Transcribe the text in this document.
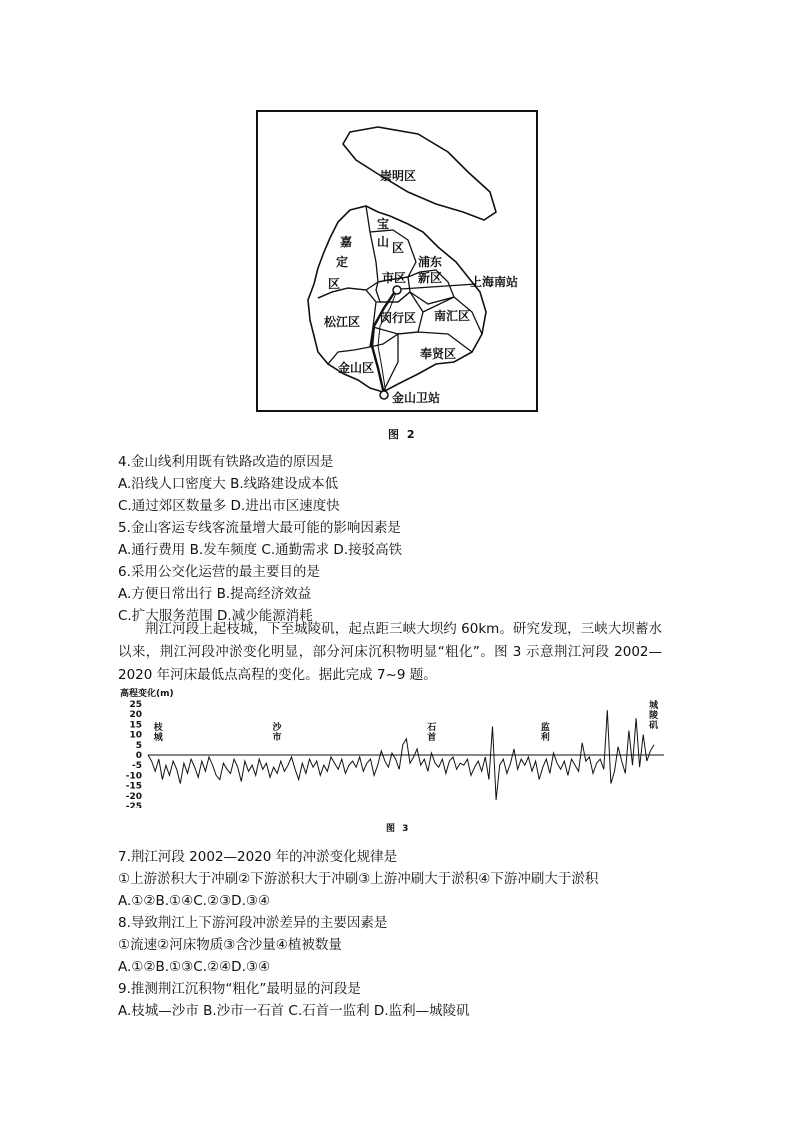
崇明区
宝
山 区
嘉
定
区	市区
浦东
新区 上海南站
松江区 闵行区 南汇区
奉贤区
金山区
金山卫站
图 2
4.金山线利用既有铁路改造的原因是
A.沿线人口密度大 B.线路建设成本低
C.通过郊区数量多 D.进出市区速度快
5.金山客运专线客流量增大最可能的影响因素是
A.通行费用 B.发车频度 C.通勤需求 D.接驳高铁
6.采用公交化运营的最主要目的是
A.方便日常出行 B.提高经济效益
C.扩大服务范围 D.减少能源消耗
荆江河段上起枝城，下至城陵矶，起点距三峡大坝约 60km。研究发现，三峡大坝蓄水以来，荆江河段冲淤变化明显，部分河床沉积物明显“粗化”。图 3 示意荆江河段 2002—2020 年河床最低点高程的变化。据此完成 7~9 题。
高程变化(m)
25
20
15
10
5
0
-5
-10
-15
-20
-25
枝
城
沙
市
石
首
监
利
城
陵
矶
图 3
7.荆江河段 2002—2020 年的冲淤变化规律是
①上游淤积大于冲刷②下游淤积大于冲刷③上游冲刷大于淤积④下游冲刷大于淤积
A.①②B.①④C.②③D.③④
8.导致荆江上下游河段冲淤差异的主要因素是
①流速②河床物质③含沙量④植被数量
A.①②B.①③C.②④D.③④
9.推测荆江沉积物“粗化”最明显的河段是
A.枝城—沙市 B.沙市一石首 C.石首一监利 D.监利—城陵矶
